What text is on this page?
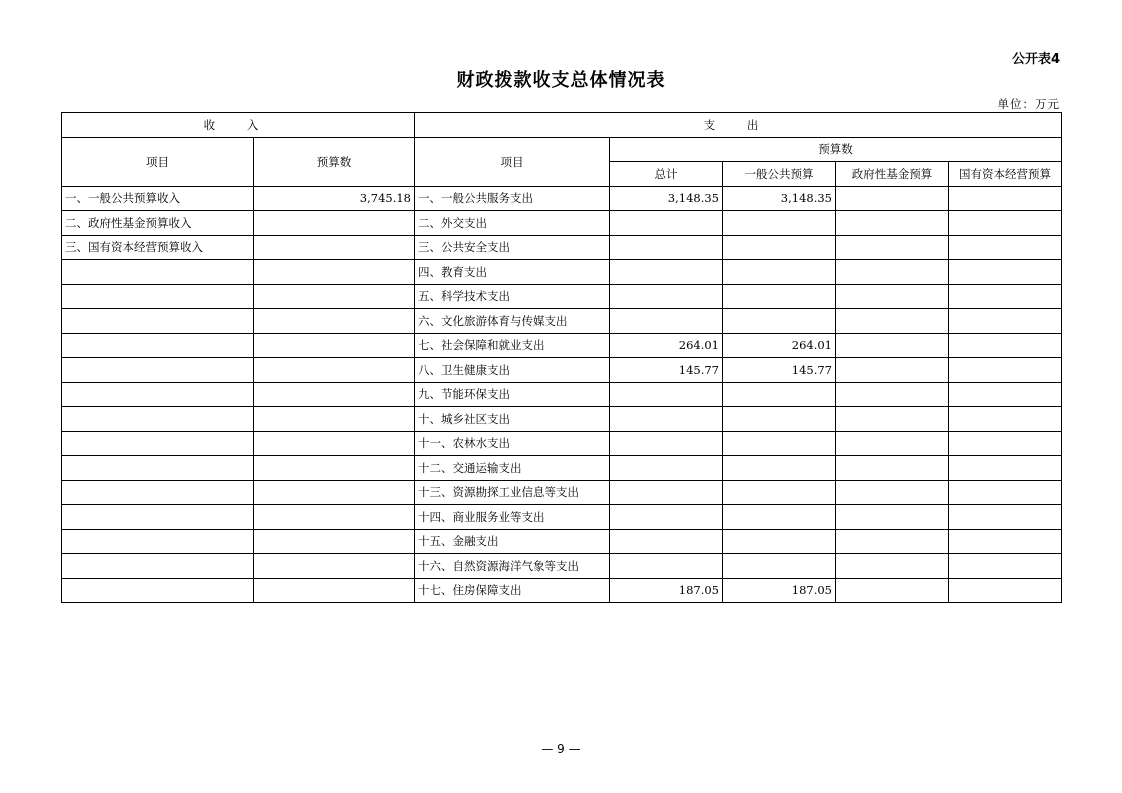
公开表4
财政拨款收支总体情况表
单位：万元
收 入		支 出				
项目	预算数	项目	预算数			
			总计	一般公共预算	政府性基金预算	国有资本经营预算
一、一般公共预算收入	3,745.18	一、一般公共服务支出	3,148.35	3,148.35		
二、政府性基金预算收入		二、外交支出				
三、国有资本经营预算收入		三、公共安全支出				
		四、教育支出				
		五、科学技术支出				
		六、文化旅游体育与传媒支出				
		七、社会保障和就业支出	264.01	264.01		
		八、卫生健康支出	145.77	145.77		
		九、节能环保支出				
		十、城乡社区支出				
		十一、农林水支出				
		十二、交通运输支出				
		十三、资源勘探工业信息等支出				
		十四、商业服务业等支出				
		十五、金融支出				
		十六、自然资源海洋气象等支出				
		十七、住房保障支出	187.05	187.05		
— 9 —
